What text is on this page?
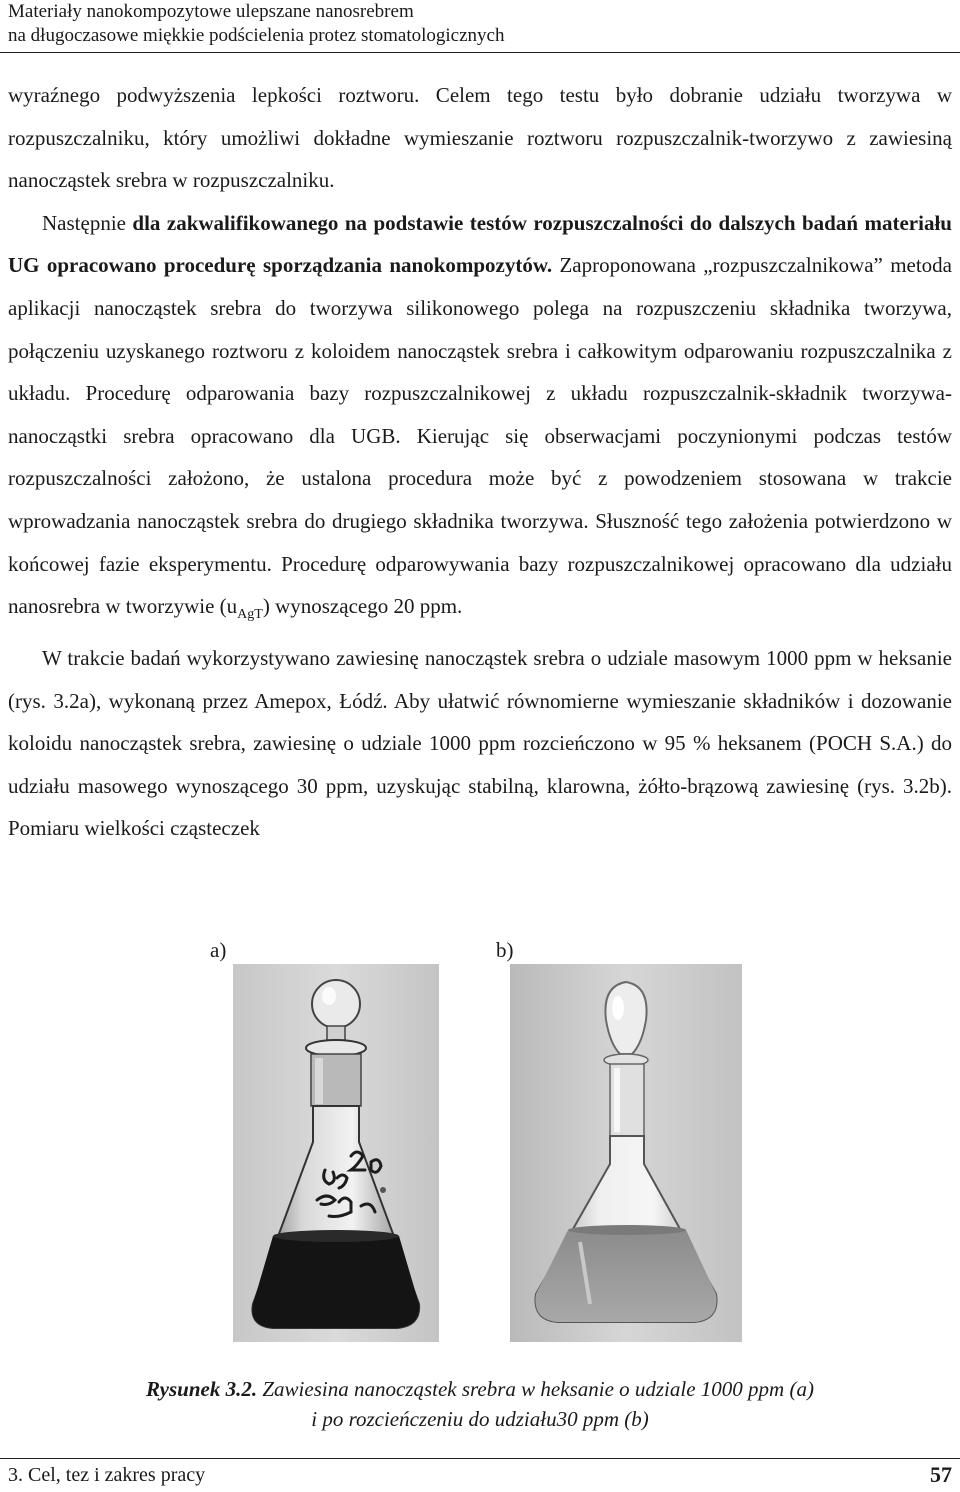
Materiały nanokompozytowe ulepszane nanosrebrem
na długoczasowe miękkie podścielenia protez stomatologicznych

wyraźnego podwyższenia lepkości roztworu. Celem tego testu było dobranie udziału tworzywa w rozpuszczalniku, który umożliwi dokładne wymieszanie roztworu rozpuszczalnik-tworzywo z zawiesiną nanocząstek srebra w rozpuszczalniku.

Następnie dla zakwalifikowanego na podstawie testów rozpuszczalności do dalszych badań materiału UG opracowano procedurę sporządzania nanokompozytów. Zaproponowana „rozpuszczalnikowa” metoda aplikacji nanocząstek srebra do tworzywa silikonowego polega na rozpuszczeniu składnika tworzywa, połączeniu uzyskanego roztworu z koloidem nanocząstek srebra i całkowitym odparowaniu rozpuszczalnika z układu. Procedurę odparowania bazy rozpuszczalnikowej z układu rozpuszczalnik-składnik tworzywa-nanocząstki srebra opracowano dla UGB. Kierując się obserwacjami poczynionymi podczas testów rozpuszczalności założono, że ustalona procedura może być z powodzeniem stosowana w trakcie wprowadzania nanocząstek srebra do drugiego składnika tworzywa. Słuszność tego założenia potwierdzono w końcowej fazie eksperymentu. Procedurę odparowywania bazy rozpuszczalnikowej opracowano dla udziału nanosrebra w tworzywie $(u_{AgT})$ wynoszącego 20 ppm.

W trakcie badań wykorzystywano zawiesinę nanocząstek srebra o udziale masowym 1000 ppm w heksanie (rys. 3.2a), wykonaną przez Amepox, Łódź. Aby ułatwić równomierne wymieszanie składników i dozowanie koloidu nanocząstek srebra, zawiesinę o udziale 1000 ppm rozcieńczono w 95 % heksanem (POCH S.A.) do udziału masowego wynoszącego 30 ppm, uzyskując stabilną, klarowna, żółto-brązową zawiesinę (rys. 3.2b). Pomiaru wielkości cząsteczek

a)	b)
Rysunek 3.2. Zawiesina nanocząstek srebra w heksanie o udziale 1000 ppm (a)
i po rozcieńczeniu do udziału30 ppm (b)
3. Cel, tez i zakres pracy	57
